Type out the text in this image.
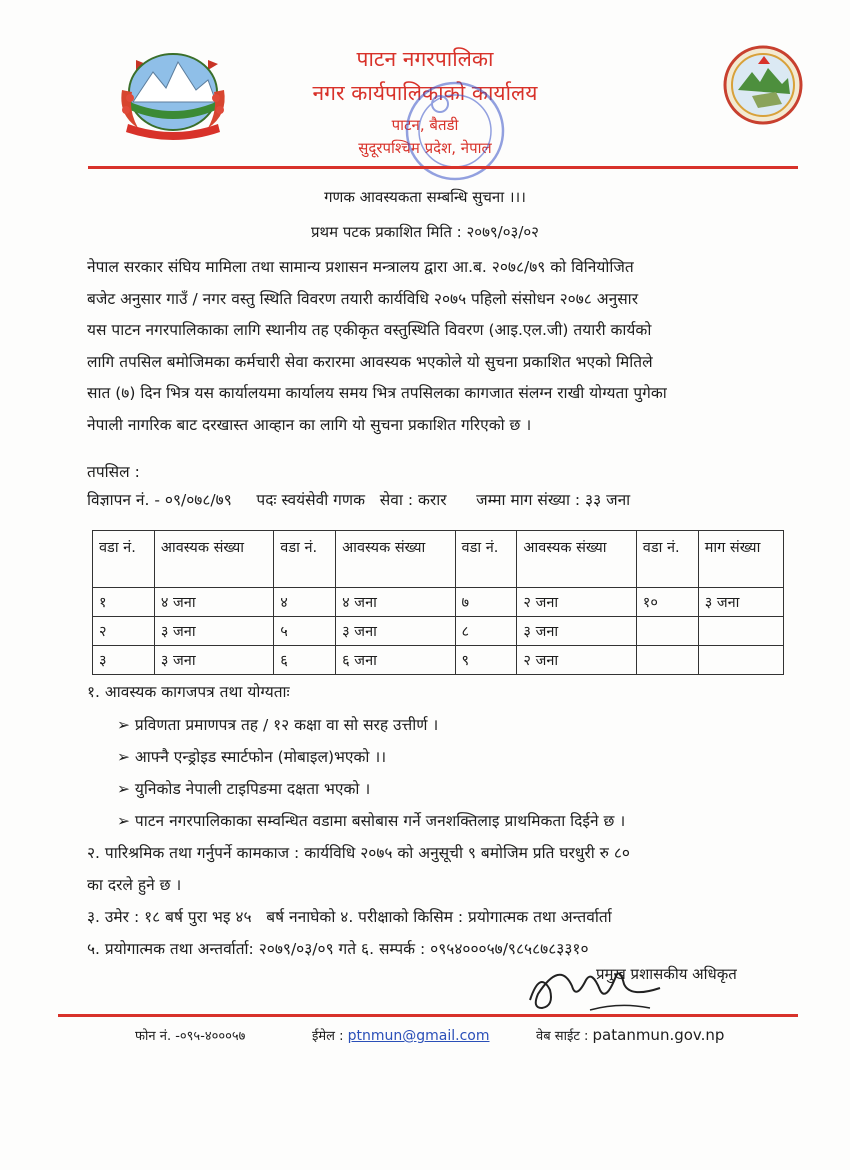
पाटन नगरपालिका
नगर कार्यपालिकाको कार्यालय
पाटन, बैतडी
सुदूरपश्चिम प्रदेश, नेपाल
गणक आवस्यकता सम्बन्धि सुचना ।।।
प्रथम पटक प्रकाशित मिति : २०७९/०३/०२
नेपाल सरकार संघिय मामिला तथा सामान्य प्रशासन मन्त्रालय द्वारा आ.ब. २०७८/७९ को विनियोजित
बजेट अनुसार गाउँ / नगर वस्तु स्थिति विवरण तयारी कार्यविधि २०७५ पहिलो संसोधन २०७८ अनुसार
यस पाटन नगरपालिकाका लागि स्थानीय तह एकीकृत वस्तुस्थिति विवरण (आइ.एल.जी) तयारी कार्यको
लागि तपसिल बमोजिमका कर्मचारी सेवा करारमा आवस्यक भएकोले यो सुचना प्रकाशित भएको मितिले
सात (७) दिन भित्र यस कार्यालयमा कार्यालय समय भित्र तपसिलका कागजात संलग्न राखी योग्यता पुगेका
नेपाली नागरिक बाट दरखास्त आव्हान का लागि यो सुचना प्रकाशित गरिएको छ ।
तपसिल :
विज्ञापन नं. - ०९/०७८/७९     पदः स्वयंसेवी गणक   सेवा : करार      जम्मा माग संख्या : ३३ जना
वडा नं.	आवस्यक संख्या	वडा नं.	आवस्यक संख्या	वडा नं.	आवस्यक संख्या	वडा नं.	माग संख्या
१	४ जना	४	४ जना	७	२ जना	१०	३ जना
२	३ जना	५	३ जना	८	३ जना		
३	३ जना	६	६ जना	९	२ जना		
१. आवस्यक कागजपत्र तथा योग्यताः
➢ प्रविणता प्रमाणपत्र तह / १२ कक्षा वा सो सरह उत्तीर्ण ।
➢ आफ्नै एन्ड्रोइड स्मार्टफोन (मोबाइल)भएको ।।
➢ युनिकोड नेपाली टाइपिङमा दक्षता भएको ।
➢ पाटन नगरपालिकाका सम्वन्धित वडामा बसोबास गर्ने जनशक्तिलाइ प्राथमिकता दिईने छ ।
२. पारिश्रमिक तथा गर्नुपर्ने कामकाज : कार्यविधि २०७५ को अनुसूची ९ बमोजिम प्रति घरधुरी रु ८०
का दरले हुने छ ।
३. उमेर : १८ बर्ष पुरा भइ ४५   बर्ष ननाघेको ४. परीक्षाको किसिम : प्रयोगात्मक तथा अन्तर्वार्ता
५. प्रयोगात्मक तथा अन्तर्वार्ता: २०७९/०३/०९ गते ६. सम्पर्क : ०९५४०००५७/९८५८७८३३१०
प्रमुख प्रशासकीय अधिकृत
फोन नं. -०९५-४०००५७	ईमेल : ptnmun@gmail.com	वेब साईट : patanmun.gov.np
